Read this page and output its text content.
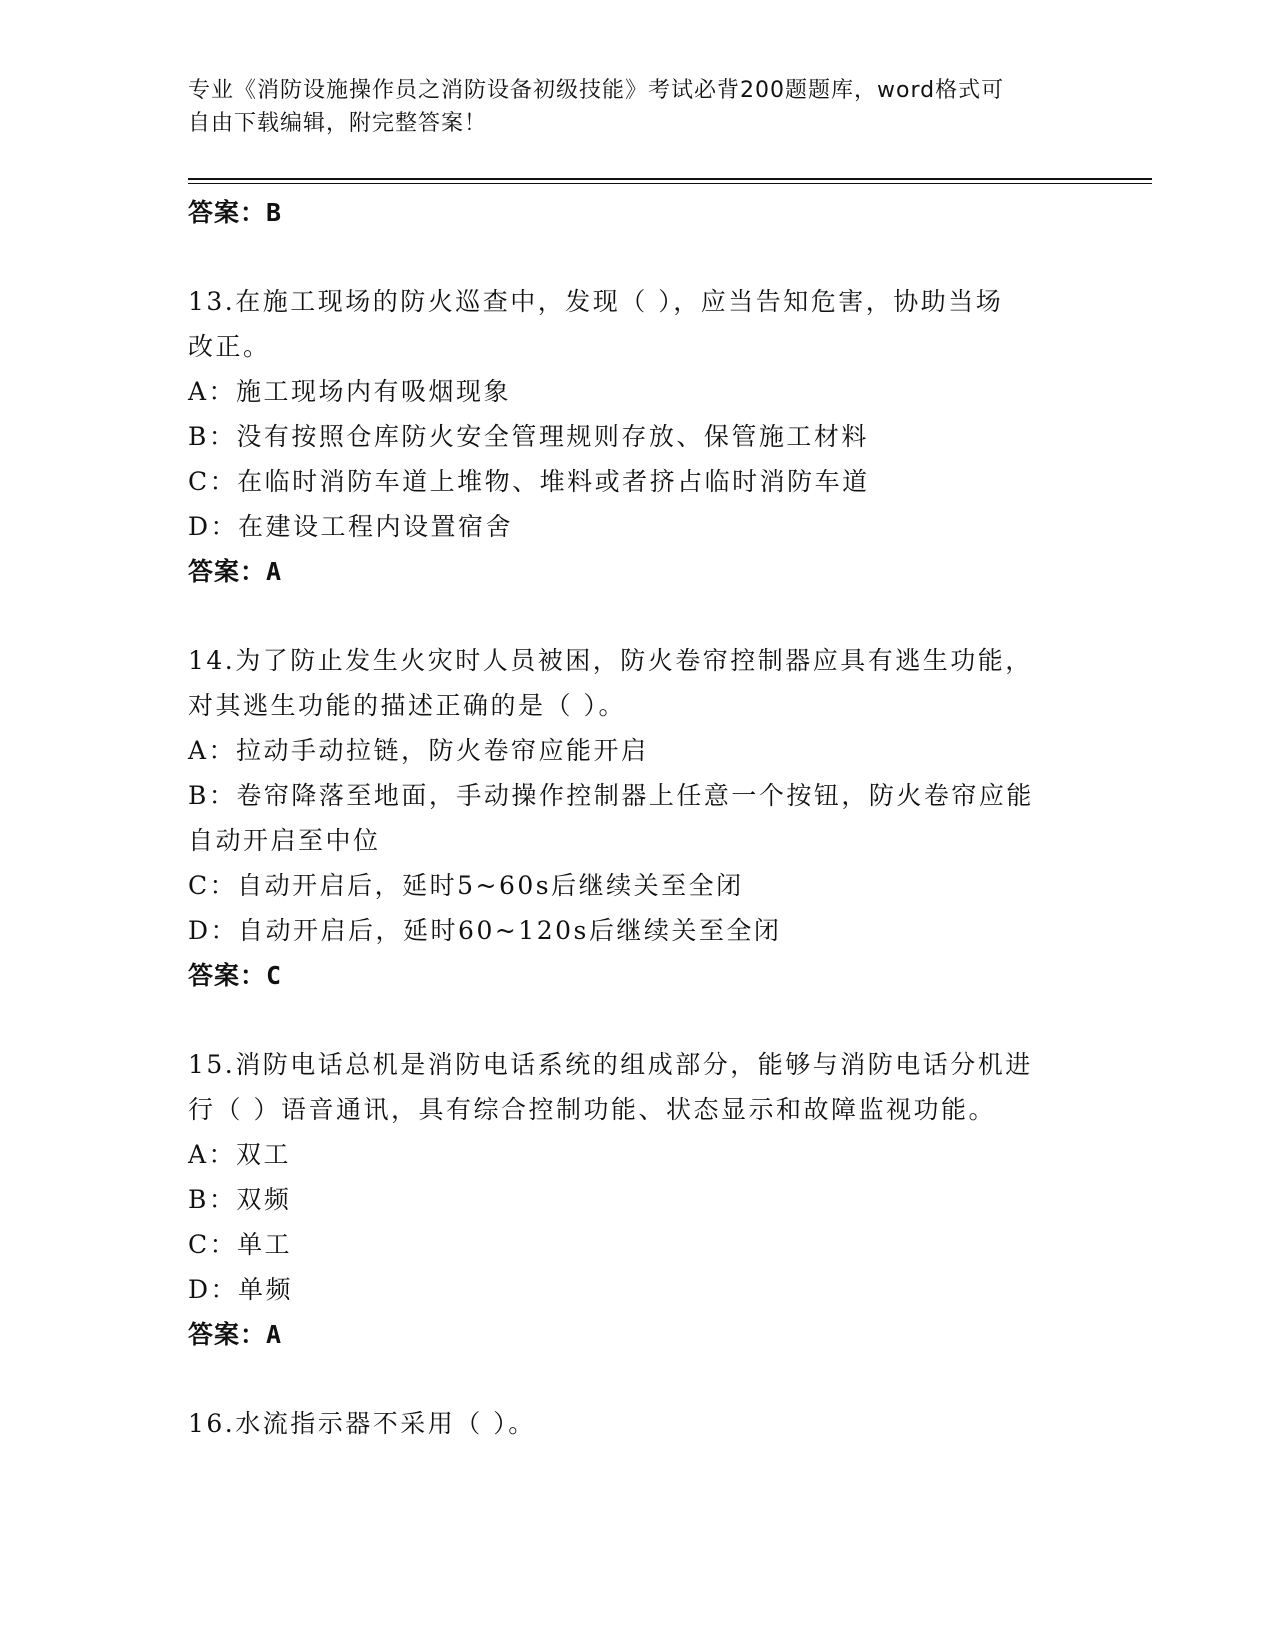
专业《消防设施操作员之消防设备初级技能》考试必背200题题库，word格式可
自由下载编辑，附完整答案！
答案：B
13.在施工现场的防火巡查中，发现（ ），应当告知危害，协助当场
改正。
A：施工现场内有吸烟现象
B：没有按照仓库防火安全管理规则存放、保管施工材料
C：在临时消防车道上堆物、堆料或者挤占临时消防车道
D：在建设工程内设置宿舍
答案：A
14.为了防止发生火灾时人员被困，防火卷帘控制器应具有逃生功能，
对其逃生功能的描述正确的是（ ）。
A：拉动手动拉链，防火卷帘应能开启
B：卷帘降落至地面，手动操作控制器上任意一个按钮，防火卷帘应能
自动开启至中位
C：自动开启后，延时5~60s后继续关至全闭
D：自动开启后，延时60~120s后继续关至全闭
答案：C
15.消防电话总机是消防电话系统的组成部分，能够与消防电话分机进
行（ ）语音通讯，具有综合控制功能、状态显示和故障监视功能。
A：双工
B：双频
C：单工
D：单频
答案：A
16.水流指示器不采用（ ）。
